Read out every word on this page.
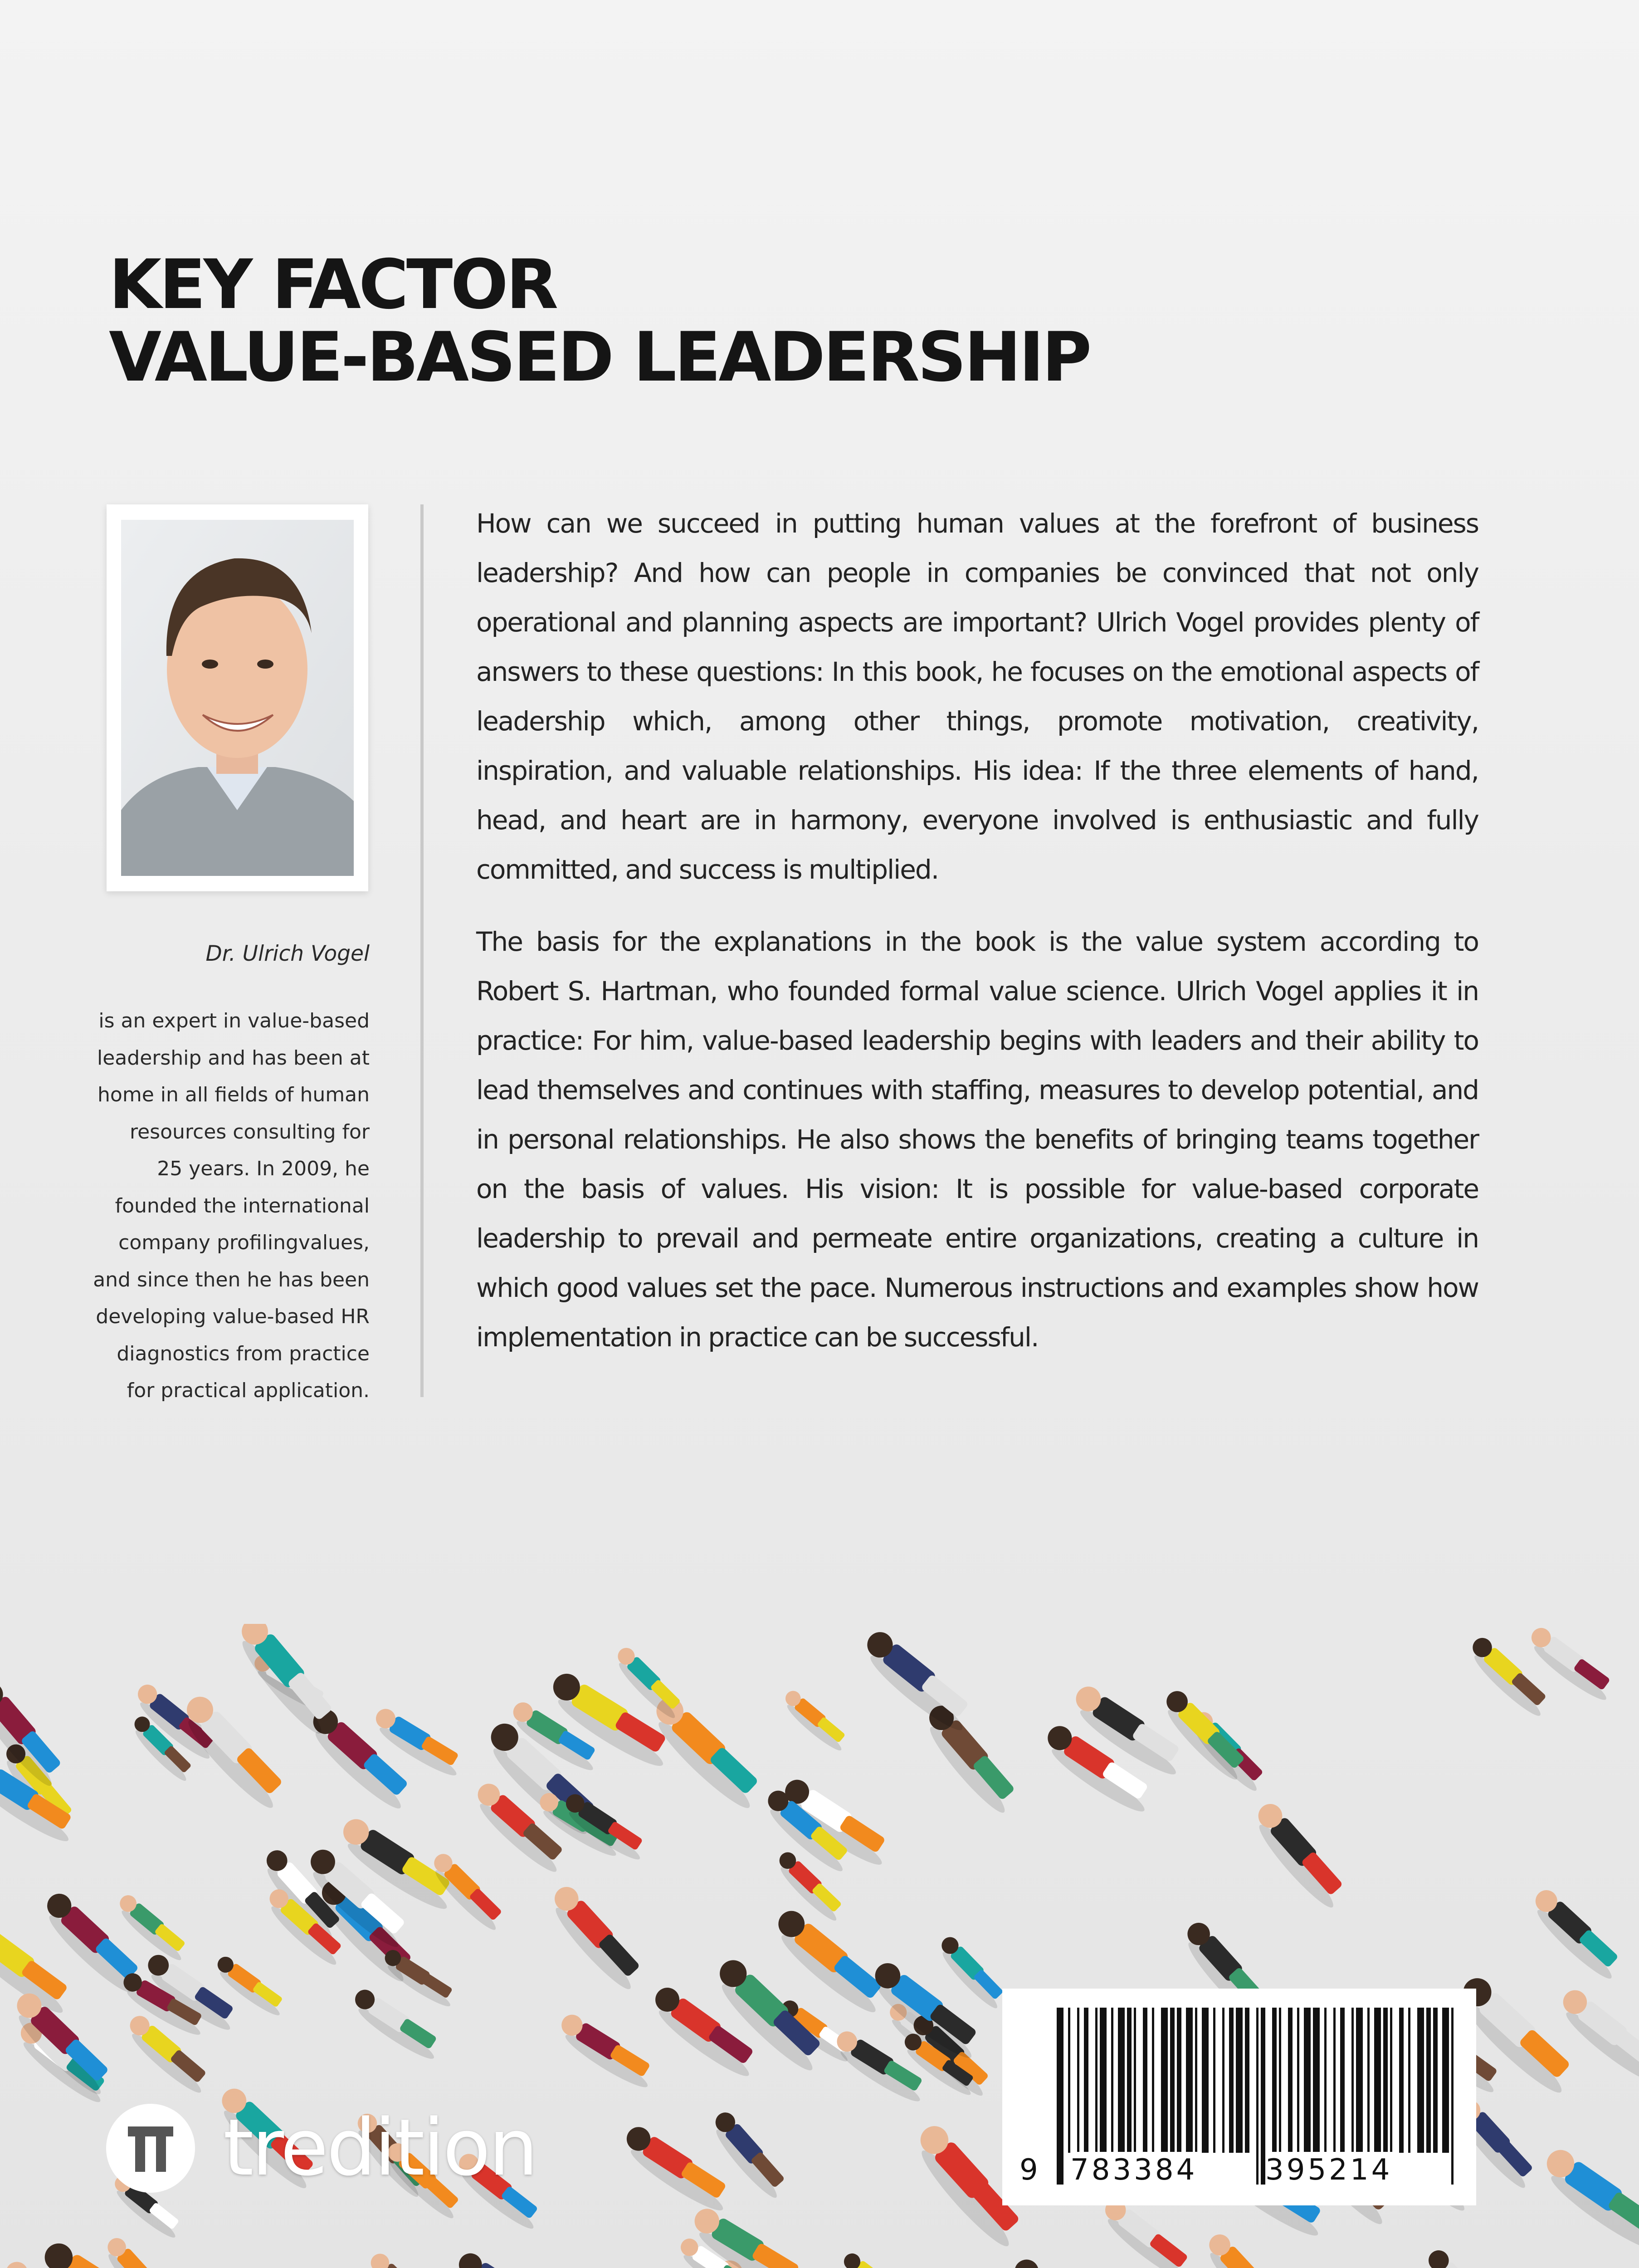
KEY FACTOR
VALUE-BASED LEADERSHIP
Dr. Ulrich Vogel
is an expert in value-based
leadership and has been at
home in all fields of human
resources consulting for
25 years. In 2009, he
founded the international
company profilingvalues,
and since then he has been
developing value-based HR
diagnostics from practice
for practical application.

How can we succeed in putting human values at the forefront of business leadership? And how can people in companies be convinced that not only operational and planning aspects are important? Ulrich Vogel provides plenty of answers to these questions: In this book, he focuses on the emotional aspects of leadership which, among other things, promote motivation, creativity, inspiration, and valuable relationships. His idea: If the three elements of hand, head, and heart are in harmony, everyone involved is enthusiastic and fully committed, and success is multiplied.

The basis for the explanations in the book is the value system according to Robert S. Hartman, who founded formal value science. Ulrich Vogel applies it in practice: For him, value-based leadership begins with leaders and their ability to lead themselves and continues with staffing, measures to develop potential, and in personal relationships. He also shows the benefits of bringing teams together on the basis of values. His vision: It is possible for value-based corporate leadership to prevail and permeate entire organizations, creating a culture in which good values set the pace. Numerous instructions and examples show how implementation in practice can be successful.

tredition	9 783384 395214
